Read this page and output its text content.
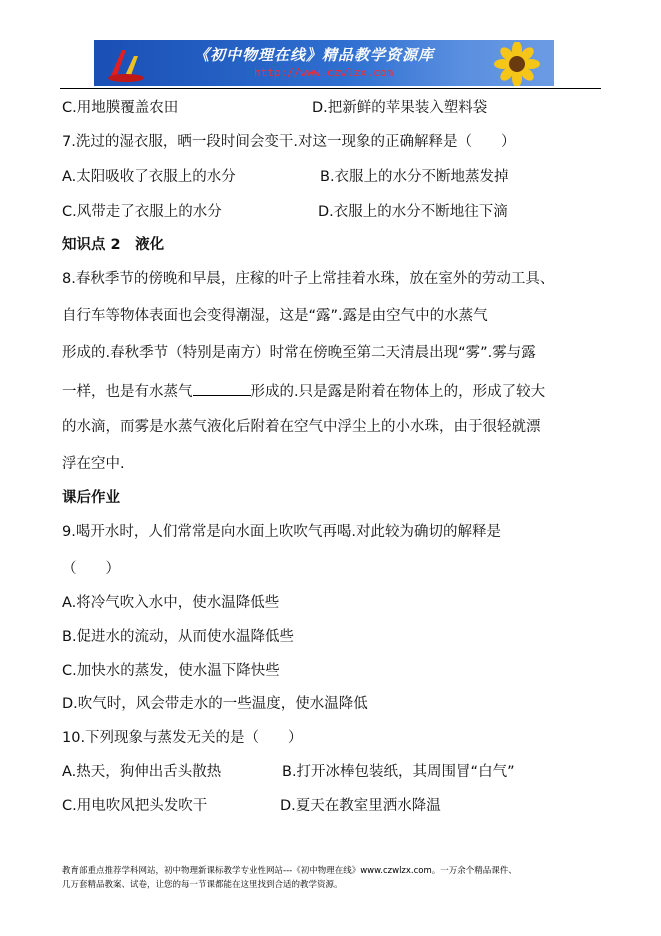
《初中物理在线》精品教学资源库
http://www.czwlzx.com
C.用地膜覆盖农田	D.把新鲜的苹果装入塑料袋
7.洗过的湿衣服，晒一段时间会变干.对这一现象的正确解释是（　　）
A.太阳吸收了衣服上的水分	B.衣服上的水分不断地蒸发掉
C.风带走了衣服上的水分	D.衣服上的水分不断地往下滴
知识点 2　液化
8.春秋季节的傍晚和早晨，庄稼的叶子上常挂着水珠，放在室外的劳动工具、
自行车等物体表面也会变得潮湿，这是“露”.露是由空气中的水蒸气
形成的.春秋季节（特别是南方）时常在傍晚至第二天清晨出现“雾”.雾与露
一样，也是有水蒸气	形成的.只是露是附着在物体上的，形成了较大
的水滴，而雾是水蒸气液化后附着在空气中浮尘上的小水珠，由于很轻就漂
浮在空中.
课后作业
9.喝开水时，人们常常是向水面上吹吹气再喝.对此较为确切的解释是
（　　）
A.将冷气吹入水中，使水温降低些
B.促进水的流动，从而使水温降低些
C.加快水的蒸发，使水温下降快些
D.吹气时，风会带走水的一些温度，使水温降低
10.下列现象与蒸发无关的是（　　）
A.热天，狗伸出舌头散热	B.打开冰棒包装纸，其周围冒“白气”
C.用电吹风把头发吹干	D.夏天在教室里洒水降温
教育部重点推荐学科网站，初中物理新课标教学专业性网站---《初中物理在线》www.czwlzx.com。一万余个精品课件、
几万套精品教案、试卷，让您的每一节课都能在这里找到合适的教学资源。
